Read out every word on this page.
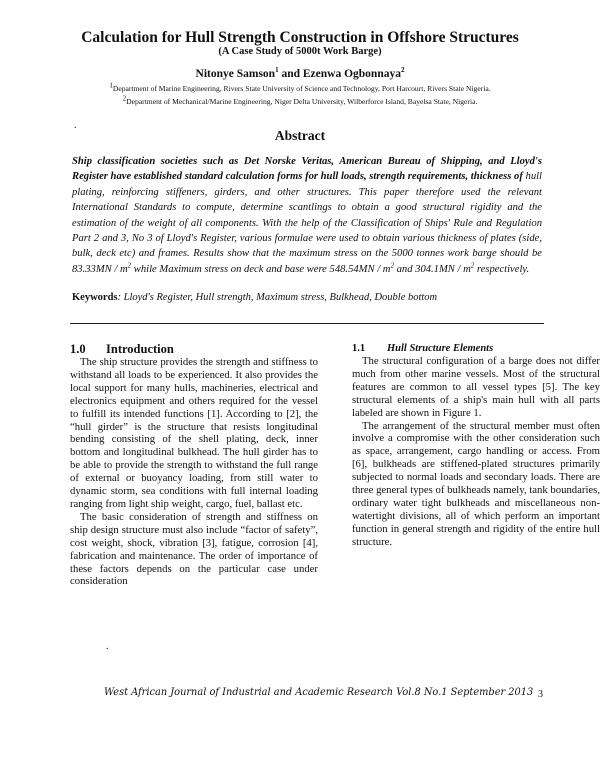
Calculation for Hull Strength Construction in Offshore Structures
(A Case Study of 5000t Work Barge)
Nitonye Samson$^1$ and Ezenwa Ogbonnaya$^2$
$^1$Department of Marine Engineering, Rivers State University of Science and Technology, Port Harcourt, Rivers State Nigeria.
$^2$Department of Mechanical/Marine Engineering, Niger Delta University, Wilberforce Island, Bayelsa State, Nigeria.
.
Abstract
Ship classification societies such as Det Norske Veritas, American Bureau of Shipping, and Lloyd's Register have established standard calculation forms for hull loads, strength requirements, thickness of hull plating, reinforcing stiffeners, girders, and other structures. This paper therefore used the relevant International Standards to compute, determine scantlings to obtain a good structural rigidity and the estimation of the weight of all components. With the help of the Classification of Ships' Rule and Regulation Part 2 and 3, No 3 of Lloyd's Register, various formulae were used to obtain various thickness of plates (side, bulk, deck etc) and frames. Results show that the maximum stress on the 5000 tonnes work barge should be $83.33MN / m^2$ while Maximum stress on deck and base were $548.54MN / m^2$ and $304.1MN / m^2$ respectively.
Keywords: Lloyd's Register, Hull strength, Maximum stress, Bulkhead, Double bottom
1.0 Introduction

The ship structure provides the strength and stiffness to withstand all loads to be experienced. It also provides the local support for many hulls, machineries, electrical and electronics equipment and others required for the vessel to fulfill its intended functions [1]. According to [2], the “hull girder” is the structure that resists longitudinal bending consisting of the shell plating, deck, inner bottom and longitudinal bulkhead. The hull girder has to be able to provide the strength to withstand the full range of external or buoyancy loading, from still water to dynamic storm, sea conditions with full internal loading ranging from light ship weight, cargo, fuel, ballast etc.

The basic consideration of strength and stiffness on ship design structure must also include “factor of safety”, cost weight, shock, vibration [3], fatigue, corrosion [4], fabrication and maintenance. The order of importance of these factors depends on the particular case under consideration

1.1 Hull Structure Elements

The structural configuration of a barge does not differ much from other marine vessels. Most of the structural features are common to all vessel types [5]. The key structural elements of a ship's main hull with all parts labeled are shown in Figure 1.

The arrangement of the structural member must often involve a compromise with the other consideration such as space, arrangement, cargo handling or access. From [6], bulkheads are stiffened-plated structures primarily subjected to normal loads and secondary loads. There are three general types of bulkheads namely, tank boundaries, ordinary water tight bulkheads and miscellaneous non- watertight divisions, all of which perform an important function in general strength and rigidity of the entire hull structure.

.
West African Journal of Industrial and Academic Research Vol.8 No.1 September 2013 3
